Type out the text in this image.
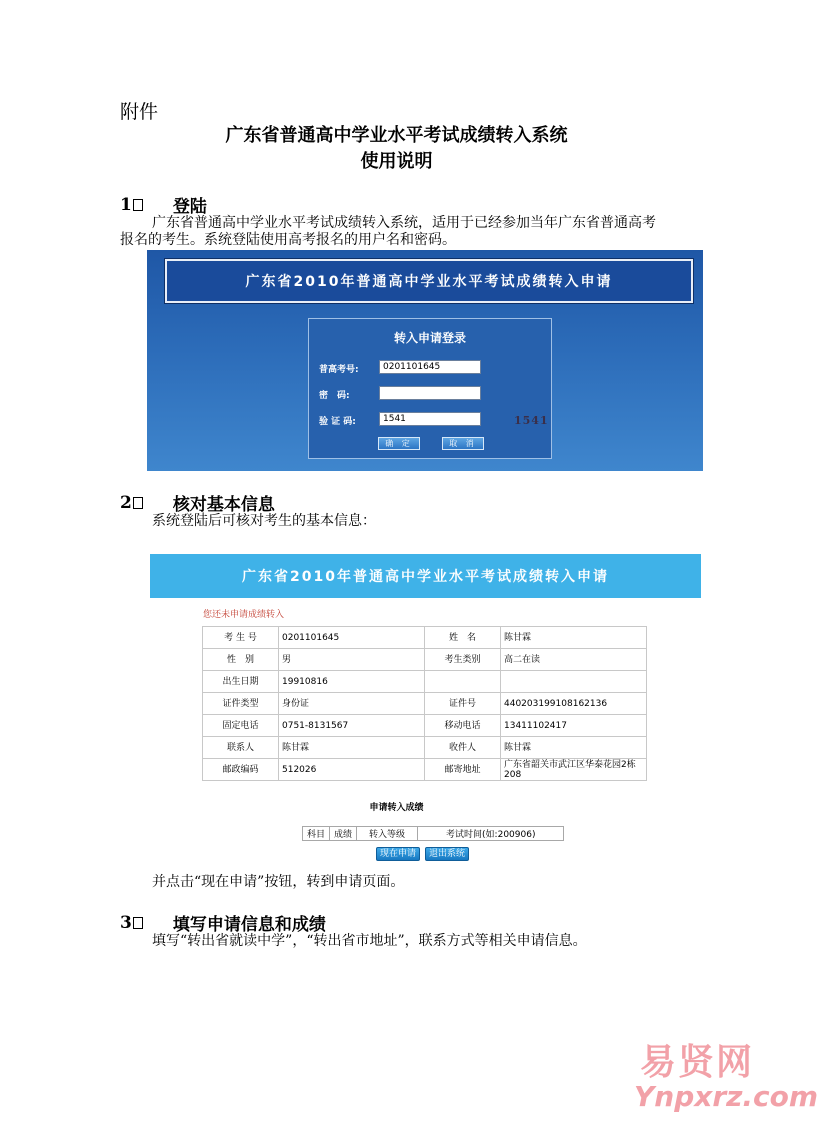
附件
广东省普通高中学业水平考试成绩转入系统
使用说明
1 登陆
广东省普通高中学业水平考试成绩转入系统，适用于已经参加当年广东省普通高考报名的考生。系统登陆使用高考报名的用户名和密码。
广东省2010年普通高中学业水平考试成绩转入申请
转入申请登录
普高考号:	0201101645
密　码:
验 证 码:	1541	1541
确 定	取 消
2 核对基本信息
系统登陆后可核对考生的基本信息：
广东省2010年普通高中学业水平考试成绩转入申请
您还未申请成绩转入
考 生 号	0201101645	姓　名	陈甘霖
性　别	男	考生类别	高二在读
出生日期	19910816		
证件类型	身份证	证件号	440203199108162136
固定电话	0751-8131567	移动电话	13411102417
联系人	陈甘霖	收件人	陈甘霖
邮政编码	512026	邮寄地址	广东省韶关市武江区华泰花园2栋208
申请转入成绩
科目	成绩	转入等级	考试时间(如:200906)
现在申请	退出系统
并点击“现在申请”按钮，转到申请页面。
3 填写申请信息和成绩
填写“转出省就读中学”，“转出省市地址”，联系方式等相关申请信息。
易贤网
Ynpxrz.com
